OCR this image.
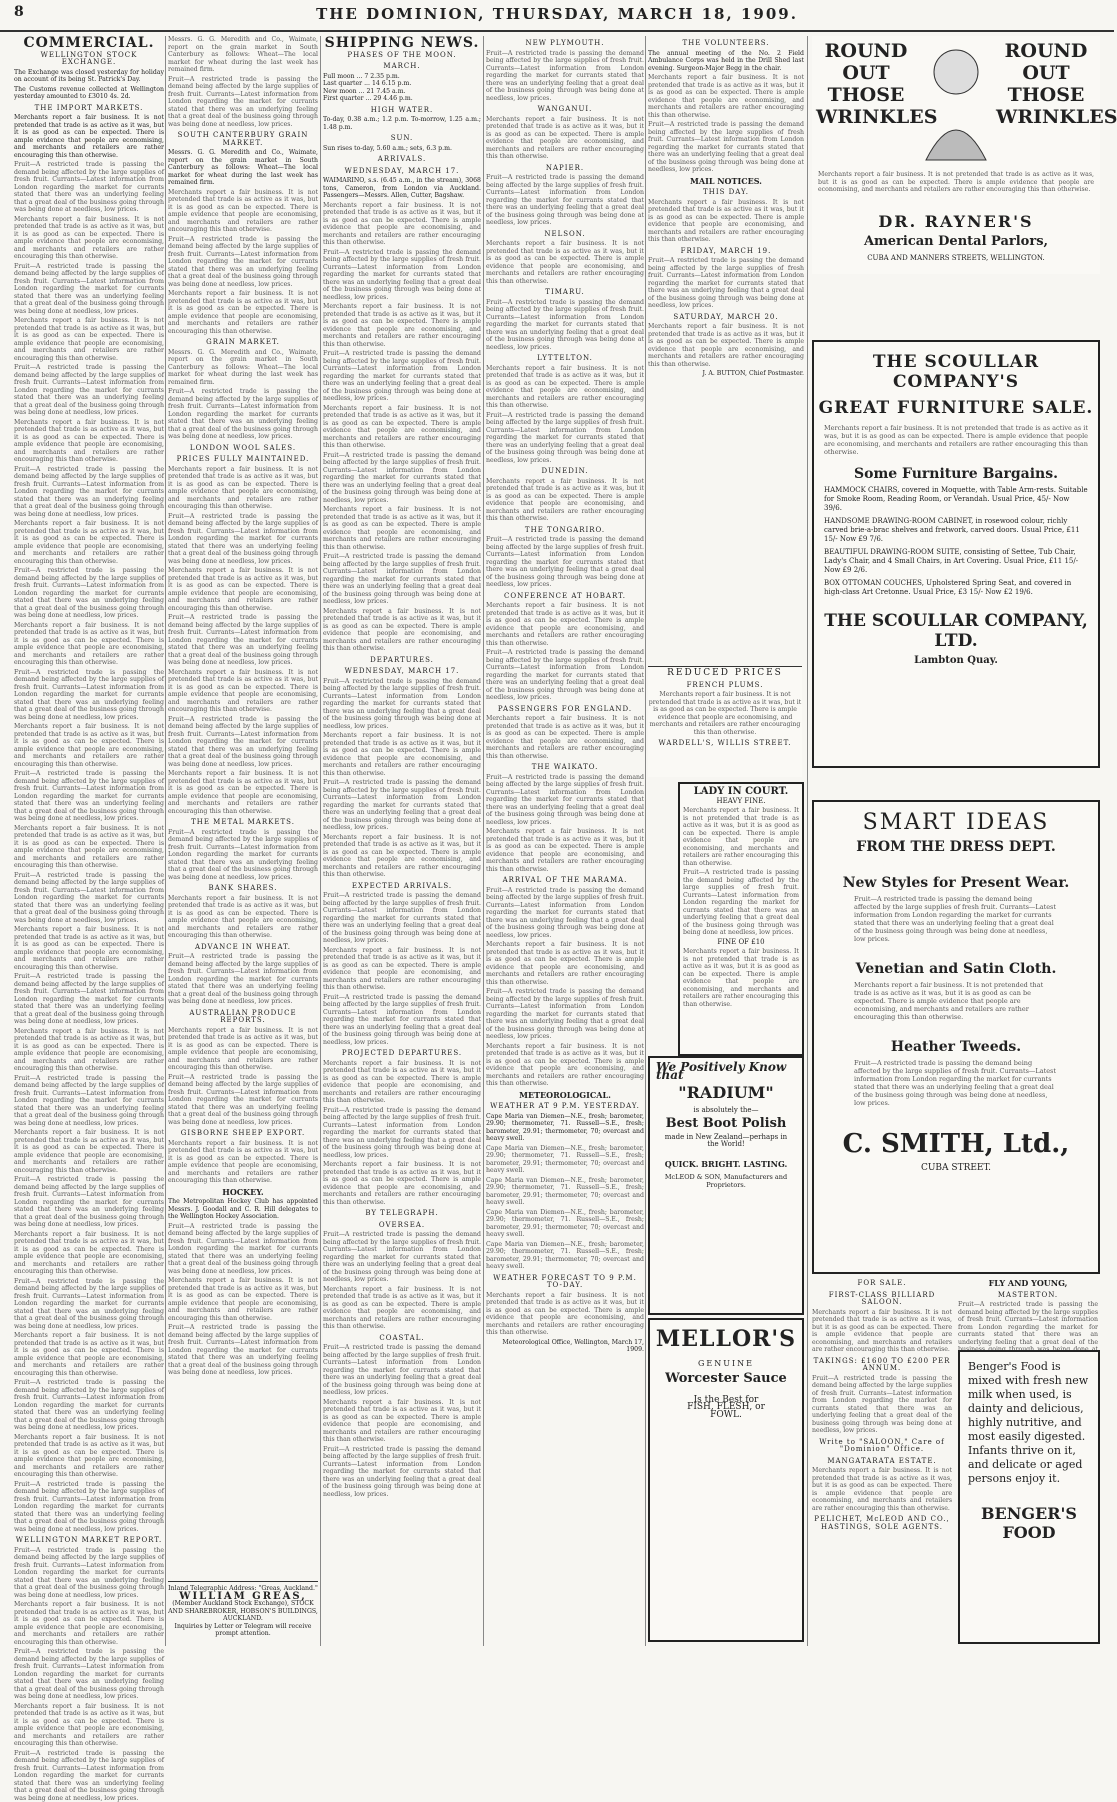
8	THE DOMINION, THURSDAY, MARCH 18, 1909.
COMMERCIAL.
WELLINGTON STOCK EXCHANGE.

The Exchange was closed yesterday for holiday on account of its being St. Patrick's Day.

The Customs revenue collected at Wellington yesterday amounted to £3010 4s. 2d.

THE IMPORT MARKETS.

Merchants report a fair business. It is not pretended that trade is as active as it was, but it is as good as can be expected. There is ample evidence that people are economising, and merchants and retailers are rather encouraging this than otherwise.

Fruit—A restricted trade is passing the demand being affected by the large supplies of fresh fruit. Currants—Latest information from London regarding the market for currants stated that there was an underlying feeling that a great deal of the business going through was being done at needless, low prices.

Merchants report a fair business. It is not pretended that trade is as active as it was, but it is as good as can be expected. There is ample evidence that people are economising, and merchants and retailers are rather encouraging this than otherwise.

Fruit—A restricted trade is passing the demand being affected by the large supplies of fresh fruit. Currants—Latest information from London regarding the market for currants stated that there was an underlying feeling that a great deal of the business going through was being done at needless, low prices.

Merchants report a fair business. It is not pretended that trade is as active as it was, but it is as good as can be expected. There is ample evidence that people are economising, and merchants and retailers are rather encouraging this than otherwise.

Fruit—A restricted trade is passing the demand being affected by the large supplies of fresh fruit. Currants—Latest information from London regarding the market for currants stated that there was an underlying feeling that a great deal of the business going through was being done at needless, low prices.

Merchants report a fair business. It is not pretended that trade is as active as it was, but it is as good as can be expected. There is ample evidence that people are economising, and merchants and retailers are rather encouraging this than otherwise.

Fruit—A restricted trade is passing the demand being affected by the large supplies of fresh fruit. Currants—Latest information from London regarding the market for currants stated that there was an underlying feeling that a great deal of the business going through was being done at needless, low prices.

Merchants report a fair business. It is not pretended that trade is as active as it was, but it is as good as can be expected. There is ample evidence that people are economising, and merchants and retailers are rather encouraging this than otherwise.

Fruit—A restricted trade is passing the demand being affected by the large supplies of fresh fruit. Currants—Latest information from London regarding the market for currants stated that there was an underlying feeling that a great deal of the business going through was being done at needless, low prices.

Merchants report a fair business. It is not pretended that trade is as active as it was, but it is as good as can be expected. There is ample evidence that people are economising, and merchants and retailers are rather encouraging this than otherwise.

Fruit—A restricted trade is passing the demand being affected by the large supplies of fresh fruit. Currants—Latest information from London regarding the market for currants stated that there was an underlying feeling that a great deal of the business going through was being done at needless, low prices.

Merchants report a fair business. It is not pretended that trade is as active as it was, but it is as good as can be expected. There is ample evidence that people are economising, and merchants and retailers are rather encouraging this than otherwise.

Fruit—A restricted trade is passing the demand being affected by the large supplies of fresh fruit. Currants—Latest information from London regarding the market for currants stated that there was an underlying feeling that a great deal of the business going through was being done at needless, low prices.

Merchants report a fair business. It is not pretended that trade is as active as it was, but it is as good as can be expected. There is ample evidence that people are economising, and merchants and retailers are rather encouraging this than otherwise.

Fruit—A restricted trade is passing the demand being affected by the large supplies of fresh fruit. Currants—Latest information from London regarding the market for currants stated that there was an underlying feeling that a great deal of the business going through was being done at needless, low prices.

Merchants report a fair business. It is not pretended that trade is as active as it was, but it is as good as can be expected. There is ample evidence that people are economising, and merchants and retailers are rather encouraging this than otherwise.

Fruit—A restricted trade is passing the demand being affected by the large supplies of fresh fruit. Currants—Latest information from London regarding the market for currants stated that there was an underlying feeling that a great deal of the business going through was being done at needless, low prices.

Merchants report a fair business. It is not pretended that trade is as active as it was, but it is as good as can be expected. There is ample evidence that people are economising, and merchants and retailers are rather encouraging this than otherwise.

Fruit—A restricted trade is passing the demand being affected by the large supplies of fresh fruit. Currants—Latest information from London regarding the market for currants stated that there was an underlying feeling that a great deal of the business going through was being done at needless, low prices.

Merchants report a fair business. It is not pretended that trade is as active as it was, but it is as good as can be expected. There is ample evidence that people are economising, and merchants and retailers are rather encouraging this than otherwise.

Fruit—A restricted trade is passing the demand being affected by the large supplies of fresh fruit. Currants—Latest information from London regarding the market for currants stated that there was an underlying feeling that a great deal of the business going through was being done at needless, low prices.

Merchants report a fair business. It is not pretended that trade is as active as it was, but it is as good as can be expected. There is ample evidence that people are economising, and merchants and retailers are rather encouraging this than otherwise.

Fruit—A restricted trade is passing the demand being affected by the large supplies of fresh fruit. Currants—Latest information from London regarding the market for currants stated that there was an underlying feeling that a great deal of the business going through was being done at needless, low prices.

Merchants report a fair business. It is not pretended that trade is as active as it was, but it is as good as can be expected. There is ample evidence that people are economising, and merchants and retailers are rather encouraging this than otherwise.

Fruit—A restricted trade is passing the demand being affected by the large supplies of fresh fruit. Currants—Latest information from London regarding the market for currants stated that there was an underlying feeling that a great deal of the business going through was being done at needless, low prices.

Merchants report a fair business. It is not pretended that trade is as active as it was, but it is as good as can be expected. There is ample evidence that people are economising, and merchants and retailers are rather encouraging this than otherwise.

Fruit—A restricted trade is passing the demand being affected by the large supplies of fresh fruit. Currants—Latest information from London regarding the market for currants stated that there was an underlying feeling that a great deal of the business going through was being done at needless, low prices.

WELLINGTON MARKET REPORT.

Fruit—A restricted trade is passing the demand being affected by the large supplies of fresh fruit. Currants—Latest information from London regarding the market for currants stated that there was an underlying feeling that a great deal of the business going through was being done at needless, low prices.

Merchants report a fair business. It is not pretended that trade is as active as it was, but it is as good as can be expected. There is ample evidence that people are economising, and merchants and retailers are rather encouraging this than otherwise.

Fruit—A restricted trade is passing the demand being affected by the large supplies of fresh fruit. Currants—Latest information from London regarding the market for currants stated that there was an underlying feeling that a great deal of the business going through was being done at needless, low prices.

Merchants report a fair business. It is not pretended that trade is as active as it was, but it is as good as can be expected. There is ample evidence that people are economising, and merchants and retailers are rather encouraging this than otherwise.

Fruit—A restricted trade is passing the demand being affected by the large supplies of fresh fruit. Currants—Latest information from London regarding the market for currants stated that there was an underlying feeling that a great deal of the business going through was being done at needless, low prices.

Messrs. G. G. Meredith and Co., Waimate, report on the grain market in South Canterbury as follows: Wheat—The local market for wheat during the last week has remained firm.

Fruit—A restricted trade is passing the demand being affected by the large supplies of fresh fruit. Currants—Latest information from London regarding the market for currants stated that there was an underlying feeling that a great deal of the business going through was being done at needless, low prices.

SOUTH CANTERBURY GRAIN MARKET.

Messrs. G. G. Meredith and Co., Waimate, report on the grain market in South Canterbury as follows: Wheat—The local market for wheat during the last week has remained firm.

Merchants report a fair business. It is not pretended that trade is as active as it was, but it is as good as can be expected. There is ample evidence that people are economising, and merchants and retailers are rather encouraging this than otherwise.

Fruit—A restricted trade is passing the demand being affected by the large supplies of fresh fruit. Currants—Latest information from London regarding the market for currants stated that there was an underlying feeling that a great deal of the business going through was being done at needless, low prices.

Merchants report a fair business. It is not pretended that trade is as active as it was, but it is as good as can be expected. There is ample evidence that people are economising, and merchants and retailers are rather encouraging this than otherwise.

GRAIN MARKET.

Messrs. G. G. Meredith and Co., Waimate, report on the grain market in South Canterbury as follows: Wheat—The local market for wheat during the last week has remained firm.

Fruit—A restricted trade is passing the demand being affected by the large supplies of fresh fruit. Currants—Latest information from London regarding the market for currants stated that there was an underlying feeling that a great deal of the business going through was being done at needless, low prices.

LONDON WOOL SALES.
PRICES FULLY MAINTAINED.

Merchants report a fair business. It is not pretended that trade is as active as it was, but it is as good as can be expected. There is ample evidence that people are economising, and merchants and retailers are rather encouraging this than otherwise.

Fruit—A restricted trade is passing the demand being affected by the large supplies of fresh fruit. Currants—Latest information from London regarding the market for currants stated that there was an underlying feeling that a great deal of the business going through was being done at needless, low prices.

Merchants report a fair business. It is not pretended that trade is as active as it was, but it is as good as can be expected. There is ample evidence that people are economising, and merchants and retailers are rather encouraging this than otherwise.

Fruit—A restricted trade is passing the demand being affected by the large supplies of fresh fruit. Currants—Latest information from London regarding the market for currants stated that there was an underlying feeling that a great deal of the business going through was being done at needless, low prices.

Merchants report a fair business. It is not pretended that trade is as active as it was, but it is as good as can be expected. There is ample evidence that people are economising, and merchants and retailers are rather encouraging this than otherwise.

Fruit—A restricted trade is passing the demand being affected by the large supplies of fresh fruit. Currants—Latest information from London regarding the market for currants stated that there was an underlying feeling that a great deal of the business going through was being done at needless, low prices.

Merchants report a fair business. It is not pretended that trade is as active as it was, but it is as good as can be expected. There is ample evidence that people are economising, and merchants and retailers are rather encouraging this than otherwise.

THE METAL MARKETS.

Fruit—A restricted trade is passing the demand being affected by the large supplies of fresh fruit. Currants—Latest information from London regarding the market for currants stated that there was an underlying feeling that a great deal of the business going through was being done at needless, low prices.

BANK SHARES.

Merchants report a fair business. It is not pretended that trade is as active as it was, but it is as good as can be expected. There is ample evidence that people are economising, and merchants and retailers are rather encouraging this than otherwise.

ADVANCE IN WHEAT.

Fruit—A restricted trade is passing the demand being affected by the large supplies of fresh fruit. Currants—Latest information from London regarding the market for currants stated that there was an underlying feeling that a great deal of the business going through was being done at needless, low prices.

AUSTRALIAN PRODUCE REPORTS.

Merchants report a fair business. It is not pretended that trade is as active as it was, but it is as good as can be expected. There is ample evidence that people are economising, and merchants and retailers are rather encouraging this than otherwise.

Fruit—A restricted trade is passing the demand being affected by the large supplies of fresh fruit. Currants—Latest information from London regarding the market for currants stated that there was an underlying feeling that a great deal of the business going through was being done at needless, low prices.

GISBORNE SHEEP EXPORT.

Merchants report a fair business. It is not pretended that trade is as active as it was, but it is as good as can be expected. There is ample evidence that people are economising, and merchants and retailers are rather encouraging this than otherwise.

HOCKEY.

The Metropolitan Hockey Club has appointed Messrs. J. Goodall and C. R. Hill delegates to the Wellington Hockey Association.

Fruit—A restricted trade is passing the demand being affected by the large supplies of fresh fruit. Currants—Latest information from London regarding the market for currants stated that there was an underlying feeling that a great deal of the business going through was being done at needless, low prices.

Merchants report a fair business. It is not pretended that trade is as active as it was, but it is as good as can be expected. There is ample evidence that people are economising, and merchants and retailers are rather encouraging this than otherwise.

Fruit—A restricted trade is passing the demand being affected by the large supplies of fresh fruit. Currants—Latest information from London regarding the market for currants stated that there was an underlying feeling that a great deal of the business going through was being done at needless, low prices.

Inland Telegraphic Address: "Greas, Auckland."
WILLIAM GREAS,
(Member Auckland Stock Exchange), STOCK AND SHAREBROKER, HOBSON'S BUILDINGS, AUCKLAND.
Inquiries by Letter or Telegram will receive prompt attention.
SHIPPING NEWS.
PHASES OF THE MOON.
MARCH.
Full moon ... 7 2.35 p.m.
Last quarter ... 14 6.15 p.m.
New moon ... 21 7.45 a.m.
First quarter ... 29 4.46 p.m.
HIGH WATER.

To-day, 0.38 a.m.; 1.2 p.m. To-morrow, 1.25 a.m.; 1.48 p.m.

SUN.

Sun rises to-day, 5.60 a.m.; sets, 6.3 p.m.

ARRIVALS.
WEDNESDAY, MARCH 17.

WAIMARINO, s.s. (6.45 a.m., in the stream), 3068 tons, Cameron, from London via Auckland. Passengers—Messrs. Allen, Cutter, Bagshaw.

Merchants report a fair business. It is not pretended that trade is as active as it was, but it is as good as can be expected. There is ample evidence that people are economising, and merchants and retailers are rather encouraging this than otherwise.

Fruit—A restricted trade is passing the demand being affected by the large supplies of fresh fruit. Currants—Latest information from London regarding the market for currants stated that there was an underlying feeling that a great deal of the business going through was being done at needless, low prices.

Merchants report a fair business. It is not pretended that trade is as active as it was, but it is as good as can be expected. There is ample evidence that people are economising, and merchants and retailers are rather encouraging this than otherwise.

Fruit—A restricted trade is passing the demand being affected by the large supplies of fresh fruit. Currants—Latest information from London regarding the market for currants stated that there was an underlying feeling that a great deal of the business going through was being done at needless, low prices.

Merchants report a fair business. It is not pretended that trade is as active as it was, but it is as good as can be expected. There is ample evidence that people are economising, and merchants and retailers are rather encouraging this than otherwise.

Fruit—A restricted trade is passing the demand being affected by the large supplies of fresh fruit. Currants—Latest information from London regarding the market for currants stated that there was an underlying feeling that a great deal of the business going through was being done at needless, low prices.

Merchants report a fair business. It is not pretended that trade is as active as it was, but it is as good as can be expected. There is ample evidence that people are economising, and merchants and retailers are rather encouraging this than otherwise.

Fruit—A restricted trade is passing the demand being affected by the large supplies of fresh fruit. Currants—Latest information from London regarding the market for currants stated that there was an underlying feeling that a great deal of the business going through was being done at needless, low prices.

Merchants report a fair business. It is not pretended that trade is as active as it was, but it is as good as can be expected. There is ample evidence that people are economising, and merchants and retailers are rather encouraging this than otherwise.

DEPARTURES.
WEDNESDAY, MARCH 17.

Fruit—A restricted trade is passing the demand being affected by the large supplies of fresh fruit. Currants—Latest information from London regarding the market for currants stated that there was an underlying feeling that a great deal of the business going through was being done at needless, low prices.

Merchants report a fair business. It is not pretended that trade is as active as it was, but it is as good as can be expected. There is ample evidence that people are economising, and merchants and retailers are rather encouraging this than otherwise.

Fruit—A restricted trade is passing the demand being affected by the large supplies of fresh fruit. Currants—Latest information from London regarding the market for currants stated that there was an underlying feeling that a great deal of the business going through was being done at needless, low prices.

Merchants report a fair business. It is not pretended that trade is as active as it was, but it is as good as can be expected. There is ample evidence that people are economising, and merchants and retailers are rather encouraging this than otherwise.

EXPECTED ARRIVALS.

Fruit—A restricted trade is passing the demand being affected by the large supplies of fresh fruit. Currants—Latest information from London regarding the market for currants stated that there was an underlying feeling that a great deal of the business going through was being done at needless, low prices.

Merchants report a fair business. It is not pretended that trade is as active as it was, but it is as good as can be expected. There is ample evidence that people are economising, and merchants and retailers are rather encouraging this than otherwise.

Fruit—A restricted trade is passing the demand being affected by the large supplies of fresh fruit. Currants—Latest information from London regarding the market for currants stated that there was an underlying feeling that a great deal of the business going through was being done at needless, low prices.

PROJECTED DEPARTURES.

Merchants report a fair business. It is not pretended that trade is as active as it was, but it is as good as can be expected. There is ample evidence that people are economising, and merchants and retailers are rather encouraging this than otherwise.

Fruit—A restricted trade is passing the demand being affected by the large supplies of fresh fruit. Currants—Latest information from London regarding the market for currants stated that there was an underlying feeling that a great deal of the business going through was being done at needless, low prices.

Merchants report a fair business. It is not pretended that trade is as active as it was, but it is as good as can be expected. There is ample evidence that people are economising, and merchants and retailers are rather encouraging this than otherwise.

BY TELEGRAPH.
OVERSEA.

Fruit—A restricted trade is passing the demand being affected by the large supplies of fresh fruit. Currants—Latest information from London regarding the market for currants stated that there was an underlying feeling that a great deal of the business going through was being done at needless, low prices.

Merchants report a fair business. It is not pretended that trade is as active as it was, but it is as good as can be expected. There is ample evidence that people are economising, and merchants and retailers are rather encouraging this than otherwise.

COASTAL.

Fruit—A restricted trade is passing the demand being affected by the large supplies of fresh fruit. Currants—Latest information from London regarding the market for currants stated that there was an underlying feeling that a great deal of the business going through was being done at needless, low prices.

Merchants report a fair business. It is not pretended that trade is as active as it was, but it is as good as can be expected. There is ample evidence that people are economising, and merchants and retailers are rather encouraging this than otherwise.

Fruit—A restricted trade is passing the demand being affected by the large supplies of fresh fruit. Currants—Latest information from London regarding the market for currants stated that there was an underlying feeling that a great deal of the business going through was being done at needless, low prices.

NEW PLYMOUTH.

Fruit—A restricted trade is passing the demand being affected by the large supplies of fresh fruit. Currants—Latest information from London regarding the market for currants stated that there was an underlying feeling that a great deal of the business going through was being done at needless, low prices.

WANGANUI.

Merchants report a fair business. It is not pretended that trade is as active as it was, but it is as good as can be expected. There is ample evidence that people are economising, and merchants and retailers are rather encouraging this than otherwise.

NAPIER.

Fruit—A restricted trade is passing the demand being affected by the large supplies of fresh fruit. Currants—Latest information from London regarding the market for currants stated that there was an underlying feeling that a great deal of the business going through was being done at needless, low prices.

NELSON.

Merchants report a fair business. It is not pretended that trade is as active as it was, but it is as good as can be expected. There is ample evidence that people are economising, and merchants and retailers are rather encouraging this than otherwise.

TIMARU.

Fruit—A restricted trade is passing the demand being affected by the large supplies of fresh fruit. Currants—Latest information from London regarding the market for currants stated that there was an underlying feeling that a great deal of the business going through was being done at needless, low prices.

LYTTELTON.

Merchants report a fair business. It is not pretended that trade is as active as it was, but it is as good as can be expected. There is ample evidence that people are economising, and merchants and retailers are rather encouraging this than otherwise.

Fruit—A restricted trade is passing the demand being affected by the large supplies of fresh fruit. Currants—Latest information from London regarding the market for currants stated that there was an underlying feeling that a great deal of the business going through was being done at needless, low prices.

DUNEDIN.

Merchants report a fair business. It is not pretended that trade is as active as it was, but it is as good as can be expected. There is ample evidence that people are economising, and merchants and retailers are rather encouraging this than otherwise.

THE TONGARIRO.

Fruit—A restricted trade is passing the demand being affected by the large supplies of fresh fruit. Currants—Latest information from London regarding the market for currants stated that there was an underlying feeling that a great deal of the business going through was being done at needless, low prices.

CONFERENCE AT HOBART.

Merchants report a fair business. It is not pretended that trade is as active as it was, but it is as good as can be expected. There is ample evidence that people are economising, and merchants and retailers are rather encouraging this than otherwise.

Fruit—A restricted trade is passing the demand being affected by the large supplies of fresh fruit. Currants—Latest information from London regarding the market for currants stated that there was an underlying feeling that a great deal of the business going through was being done at needless, low prices.

PASSENGERS FOR ENGLAND.

Merchants report a fair business. It is not pretended that trade is as active as it was, but it is as good as can be expected. There is ample evidence that people are economising, and merchants and retailers are rather encouraging this than otherwise.

THE WAIKATO.

Fruit—A restricted trade is passing the demand being affected by the large supplies of fresh fruit. Currants—Latest information from London regarding the market for currants stated that there was an underlying feeling that a great deal of the business going through was being done at needless, low prices.

Merchants report a fair business. It is not pretended that trade is as active as it was, but it is as good as can be expected. There is ample evidence that people are economising, and merchants and retailers are rather encouraging this than otherwise.

ARRIVAL OF THE MARAMA.

Fruit—A restricted trade is passing the demand being affected by the large supplies of fresh fruit. Currants—Latest information from London regarding the market for currants stated that there was an underlying feeling that a great deal of the business going through was being done at needless, low prices.

Merchants report a fair business. It is not pretended that trade is as active as it was, but it is as good as can be expected. There is ample evidence that people are economising, and merchants and retailers are rather encouraging this than otherwise.

Fruit—A restricted trade is passing the demand being affected by the large supplies of fresh fruit. Currants—Latest information from London regarding the market for currants stated that there was an underlying feeling that a great deal of the business going through was being done at needless, low prices.

Merchants report a fair business. It is not pretended that trade is as active as it was, but it is as good as can be expected. There is ample evidence that people are economising, and merchants and retailers are rather encouraging this than otherwise.

METEOROLOGICAL.
WEATHER AT 9 P.M. YESTERDAY.

Cape Maria van Diemen—N.E., fresh; barometer, 29.90; thermometer, 71. Russell—S.E., fresh; barometer, 29.91; thermometer, 70; overcast and heavy swell.

Cape Maria van Diemen—N.E., fresh; barometer, 29.90; thermometer, 71. Russell—S.E., fresh; barometer, 29.91; thermometer, 70; overcast and heavy swell.

Cape Maria van Diemen—N.E., fresh; barometer, 29.90; thermometer, 71. Russell—S.E., fresh; barometer, 29.91; thermometer, 70; overcast and heavy swell.

Cape Maria van Diemen—N.E., fresh; barometer, 29.90; thermometer, 71. Russell—S.E., fresh; barometer, 29.91; thermometer, 70; overcast and heavy swell.

Cape Maria van Diemen—N.E., fresh; barometer, 29.90; thermometer, 71. Russell—S.E., fresh; barometer, 29.91; thermometer, 70; overcast and heavy swell.

WEATHER FORECAST TO 9 P.M. TO-DAY.

Merchants report a fair business. It is not pretended that trade is as active as it was, but it is as good as can be expected. There is ample evidence that people are economising, and merchants and retailers are rather encouraging this than otherwise.

Meteorological Office, Wellington, March 17, 1909.

THE VOLUNTEERS.

The annual meeting of the No. 2 Field Ambulance Corps was held in the Drill Shed last evening. Surgeon-Major Begg in the chair.

Merchants report a fair business. It is not pretended that trade is as active as it was, but it is as good as can be expected. There is ample evidence that people are economising, and merchants and retailers are rather encouraging this than otherwise.

Fruit—A restricted trade is passing the demand being affected by the large supplies of fresh fruit. Currants—Latest information from London regarding the market for currants stated that there was an underlying feeling that a great deal of the business going through was being done at needless, low prices.

MAIL NOTICES.
THIS DAY.

Merchants report a fair business. It is not pretended that trade is as active as it was, but it is as good as can be expected. There is ample evidence that people are economising, and merchants and retailers are rather encouraging this than otherwise.

FRIDAY, MARCH 19.

Fruit—A restricted trade is passing the demand being affected by the large supplies of fresh fruit. Currants—Latest information from London regarding the market for currants stated that there was an underlying feeling that a great deal of the business going through was being done at needless, low prices.

SATURDAY, MARCH 20.

Merchants report a fair business. It is not pretended that trade is as active as it was, but it is as good as can be expected. There is ample evidence that people are economising, and merchants and retailers are rather encouraging this than otherwise.

J. A. BUTTON, Chief Postmaster.

REDUCED PRICES
FRENCH PLUMS.

Merchants report a fair business. It is not pretended that trade is as active as it was, but it is as good as can be expected. There is ample evidence that people are economising, and merchants and retailers are rather encouraging this than otherwise.

WARDELL'S, WILLIS STREET.
LADY IN COURT.
HEAVY FINE.

Merchants report a fair business. It is not pretended that trade is as active as it was, but it is as good as can be expected. There is ample evidence that people are economising, and merchants and retailers are rather encouraging this than otherwise.

Fruit—A restricted trade is passing the demand being affected by the large supplies of fresh fruit. Currants—Latest information from London regarding the market for currants stated that there was an underlying feeling that a great deal of the business going through was being done at needless, low prices.

FINE OF £10

Merchants report a fair business. It is not pretended that trade is as active as it was, but it is as good as can be expected. There is ample evidence that people are economising, and merchants and retailers are rather encouraging this than otherwise.

We Positively Know that
"RADIUM"
is absolutely the—
Best Boot Polish
made in New Zealand—perhaps in the World!
QUICK. BRIGHT. LASTING.
McLEOD & SON, Manufacturers and Proprietors.
MELLOR'S
GENUINE
Worcester Sauce
Is the Best for FISH, FLESH, or FOWL.
ROUND OUT THOSE WRINKLES
ROUND OUT THOSE WRINKLES

Merchants report a fair business. It is not pretended that trade is as active as it was, but it is as good as can be expected. There is ample evidence that people are economising, and merchants and retailers are rather encouraging this than otherwise.

DR. RAYNER'S
American Dental Parlors,
CUBA AND MANNERS STREETS, WELLINGTON.
THE SCOULLAR COMPANY'S
GREAT FURNITURE SALE.

Merchants report a fair business. It is not pretended that trade is as active as it was, but it is as good as can be expected. There is ample evidence that people are economising, and merchants and retailers are rather encouraging this than otherwise.

Some Furniture Bargains.

HAMMOCK CHAIRS, covered in Moquette, with Table Arm-rests. Suitable for Smoke Room, Reading Room, or Verandah. Usual Price, 45/- Now 39/6.

HANDSOME DRAWING-ROOM CABINET, in rosewood colour, richly carved brie-a-brac shelves and fretwork, carved doors. Usual Price, £11 15/- Now £9 7/6.

BEAUTIFUL DRAWING-ROOM SUITE, consisting of Settee, Tub Chair, Lady's Chair, and 4 Small Chairs, in Art Covering. Usual Price, £11 15/- Now £9 2/6.

BOX OTTOMAN COUCHES, Upholstered Spring Seat, and covered in high-class Art Cretonne. Usual Price, £3 15/- Now £2 19/6.

THE SCOULLAR COMPANY, LTD.
Lambton Quay.
SMART IDEAS
FROM THE DRESS DEPT.
New Styles for Present Wear.

Fruit—A restricted trade is passing the demand being affected by the large supplies of fresh fruit. Currants—Latest information from London regarding the market for currants stated that there was an underlying feeling that a great deal of the business going through was being done at needless, low prices.

Venetian and Satin Cloth.

Merchants report a fair business. It is not pretended that trade is as active as it was, but it is as good as can be expected. There is ample evidence that people are economising, and merchants and retailers are rather encouraging this than otherwise.

Heather Tweeds.

Fruit—A restricted trade is passing the demand being affected by the large supplies of fresh fruit. Currants—Latest information from London regarding the market for currants stated that there was an underlying feeling that a great deal of the business going through was being done at needless, low prices.

C. SMITH, Ltd.,
CUBA STREET.
FOR SALE.
FIRST-CLASS BILLIARD SALOON.

Merchants report a fair business. It is not pretended that trade is as active as it was, but it is as good as can be expected. There is ample evidence that people are economising, and merchants and retailers are rather encouraging this than otherwise.

TAKINGS: £1600 TO £200 PER ANNUM.

Fruit—A restricted trade is passing the demand being affected by the large supplies of fresh fruit. Currants—Latest information from London regarding the market for currants stated that there was an underlying feeling that a great deal of the business going through was being done at needless, low prices.

Write to "SALOON," Care of "Dominion" Office.
MANGATARATA ESTATE.

Merchants report a fair business. It is not pretended that trade is as active as it was, but it is as good as can be expected. There is ample evidence that people are economising, and merchants and retailers are rather encouraging this than otherwise.

PELICHET, McLEOD AND CO., HASTINGS, SOLE AGENTS.
FLY AND YOUNG,
MASTERTON.

Fruit—A restricted trade is passing the demand being affected by the large supplies of fresh fruit. Currants—Latest information from London regarding the market for currants stated that there was an underlying feeling that a great deal of the

Benger's Food is mixed with fresh new milk when used, is dainty and delicious, highly nutritive, and most easily digested. Infants thrive on it, and delicate or aged persons enjoy it.
BENGER'S FOOD
